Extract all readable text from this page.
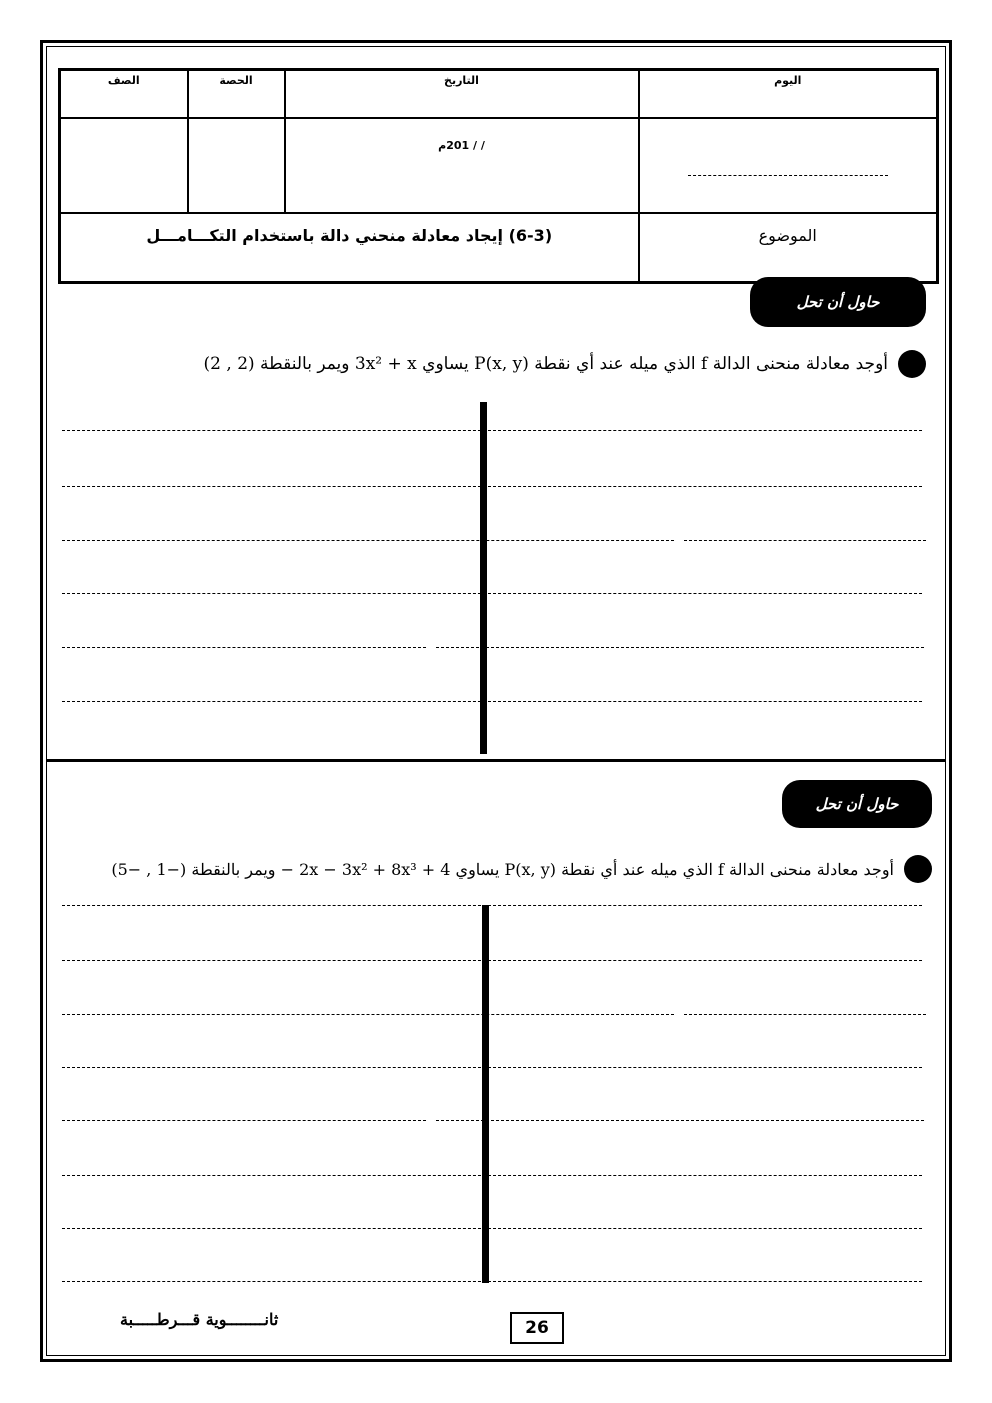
الصف	الحصة	التاريخ	اليوم
		/ / 201م	
(6-3) إيجاد معادلة منحني دالة باستخدام التكـــامـــل			الموضوع
حاول أن تحل
أوجد معادلة منحنى الدالة f الذي ميله عند أي نقطة P(x, y) يساوي 3x² + x ويمر بالنقطة (2 , 2)
حاول أن تحل
أوجد معادلة منحنى الدالة f الذي ميله عند أي نقطة P(x, y) يساوي 4 + 2x − 3x² + 8x³ − ويمر بالنقطة (−1 , −5)
ثانــــــــوية قـــرطـــــبة	26
